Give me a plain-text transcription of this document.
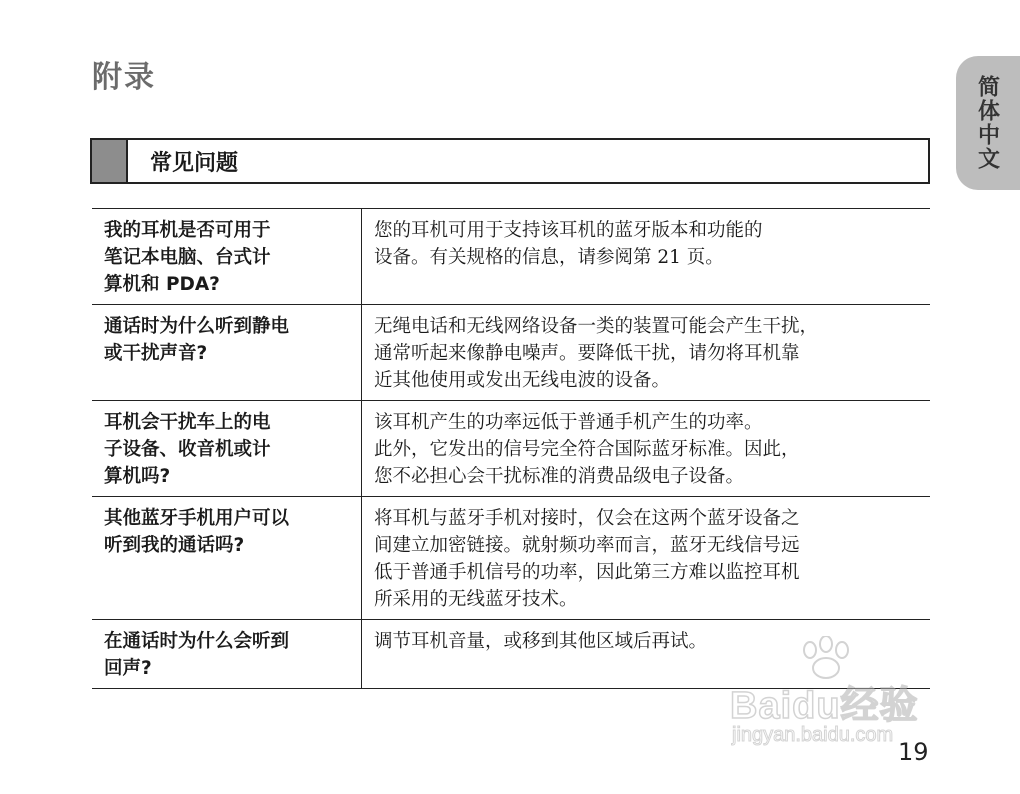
附录	简体中文
常见问题
我的耳机是否可用于
笔记本电脑、台式计
算机和 PDA?	您的耳机可用于支持该耳机的蓝牙版本和功能的
设备。有关规格的信息，请参阅第 21 页。

通话时为什么听到静电
或干扰声音?	无绳电话和无线网络设备一类的装置可能会产生干扰，
通常听起来像静电噪声。要降低干扰，请勿将耳机靠
近其他使用或发出无线电波的设备。

耳机会干扰车上的电
子设备、收音机或计
算机吗?	该耳机产生的功率远低于普通手机产生的功率。
此外，它发出的信号完全符合国际蓝牙标准。因此，
您不必担心会干扰标准的消费品级电子设备。

其他蓝牙手机用户可以
听到我的通话吗?	将耳机与蓝牙手机对接时，仅会在这两个蓝牙设备之
间建立加密链接。就射频功率而言，蓝牙无线信号远
低于普通手机信号的功率，因此第三方难以监控耳机
所采用的无线蓝牙技术。

在通话时为什么会听到
回声?	调节耳机音量，或移到其他区域后再试。
Baidu经验
jingyan.baidu.com
19
